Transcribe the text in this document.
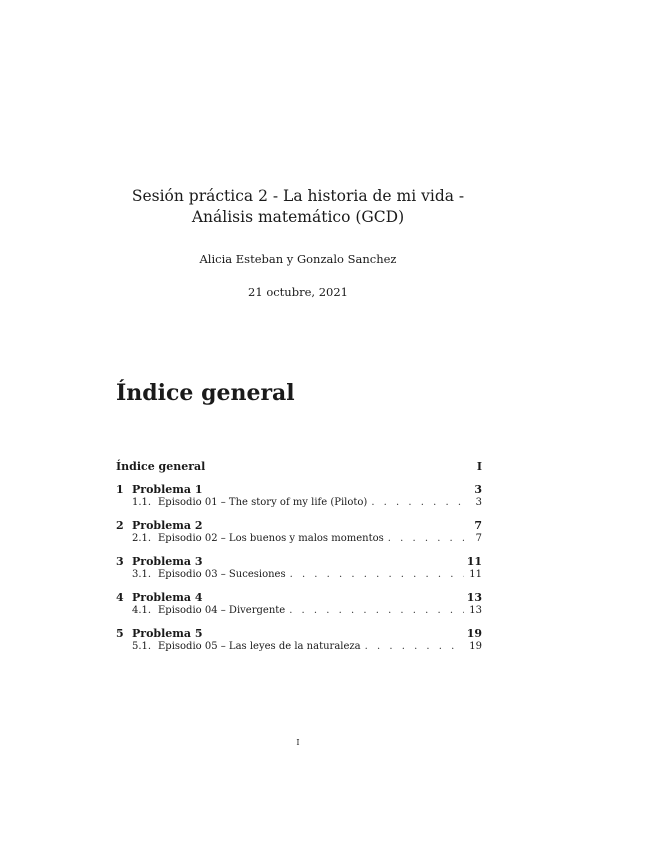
Sesión práctica 2 - La historia de mi vida - Análisis matemático (GCD)
Alicia Esteban y Gonzalo Sanchez
21 octubre, 2021
Índice general
Índice general	I
1 Problema 1	3
1.1. Episodio 01 – The story of my life (Piloto) . . .	3
2 Problema 2	7
2.1. Episodio 02 – Los buenos y malos momentos . . .	7
3 Problema 3	11
3.1. Episodio 03 – Sucesiones . . .	11
4 Problema 4	13
4.1. Episodio 04 – Divergente . . .	13
5 Problema 5	19
5.1. Episodio 05 – Las leyes de la naturaleza . . .	19
I
